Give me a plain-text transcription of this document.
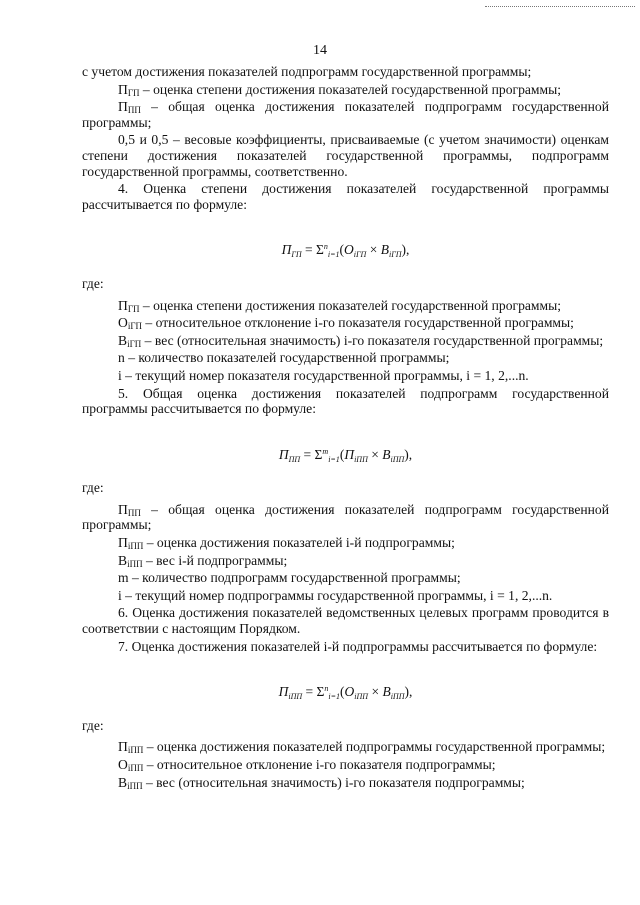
14

с учетом достижения показателей подпрограмм государственной программы;

$П_{ГП}$ – оценка степени достижения показателей государственной программы;

$П_{ПП}$ – общая оценка достижения показателей подпрограмм государственной программы;

0,5 и 0,5 – весовые коэффициенты, присваиваемые (с учетом значимости) оценкам степени достижения показателей государственной программы, подпрограмм государственной программы, соответственно.

4. Оценка степени достижения показателей государственной программы рассчитывается по формуле:

$П_{ГП} = \Sigma^n_{i=1}(О_{iГП} \times В_{iГП})$,

где:

$П_{ГП}$ – оценка степени достижения показателей государственной программы;

$О_{iГП}$ – относительное отклонение i-го показателя государственной программы;

$В_{iГП}$ – вес (относительная значимость) i-го показателя государственной программы;

n – количество показателей государственной программы;

i – текущий номер показателя государственной программы, i = 1, 2,...n.

5. Общая оценка достижения показателей подпрограмм государственной программы рассчитывается по формуле:

$П_{ПП} = \Sigma^m_{i=1}(П_{iПП} \times В_{iПП})$,

где:

$П_{ПП}$ – общая оценка достижения показателей подпрограмм государственной программы;

$П_{iПП}$ – оценка достижения показателей i-й подпрограммы;

$В_{iПП}$ – вес i-й подпрограммы;

m – количество подпрограмм государственной программы;

i – текущий номер подпрограммы государственной программы, i = 1, 2,...n.

6. Оценка достижения показателей ведомственных целевых программ проводится в соответствии с настоящим Порядком.

7. Оценка достижения показателей i-й подпрограммы рассчитывается по формуле:

$П_{iПП} = \Sigma^n_{i=1}(О_{iПП} \times В_{iПП})$,

где:

$П_{iПП}$ – оценка достижения показателей подпрограммы государственной программы;

$О_{iПП}$ – относительное отклонение i-го показателя подпрограммы;

$В_{iПП}$ – вес (относительная значимость) i-го показателя подпрограммы;
